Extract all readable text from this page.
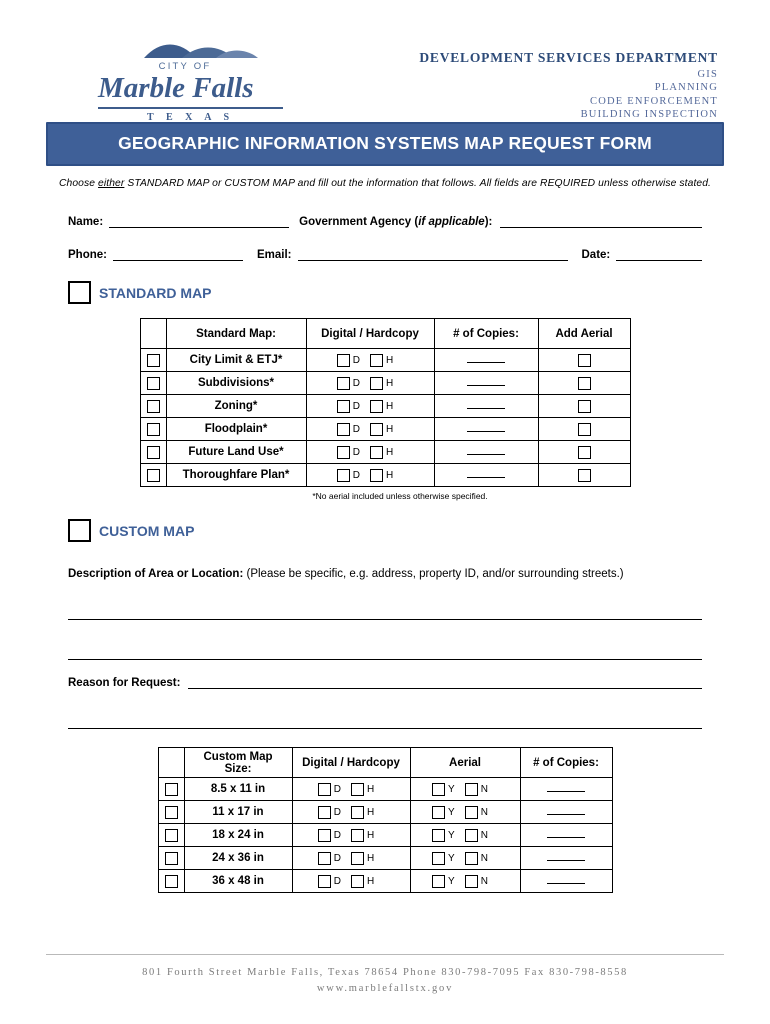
CITY OF
Marble Falls
T E X A S
DEVELOPMENT SERVICES DEPARTMENT
GIS
PLANNING
CODE ENFORCEMENT
BUILDING INSPECTION
GEOGRAPHIC INFORMATION SYSTEMS MAP REQUEST FORM
Choose either STANDARD MAP or CUSTOM MAP and fill out the information that follows. All fields are REQUIRED unless otherwise stated.
Name:	Government Agency (if applicable):
Phone:	Email:	Date:
STANDARD MAP
	Standard Map:	Digital / Hardcopy	# of Copies:	Add Aerial
	City Limit & ETJ*	D H		
	Subdivisions*	D H		
	Zoning*	D H		
	Floodplain*	D H		
	Future Land Use*	D H		
	Thoroughfare Plan*	D H		
*No aerial included unless otherwise specified.
CUSTOM MAP
Description of Area or Location: (Please be specific, e.g. address, property ID, and/or surrounding streets.)
Reason for Request:
	Custom Map Size:	Digital / Hardcopy	Aerial	# of Copies:
	8.5 x 11 in	D H	Y N	
	11 x 17 in	D H	Y N	
	18 x 24 in	D H	Y N	
	24 x 36 in	D H	Y N	
	36 x 48 in	D H	Y N	
801 Fourth Street Marble Falls, Texas 78654 Phone 830-798-7095 Fax 830-798-8558
www.marblefallstx.gov
